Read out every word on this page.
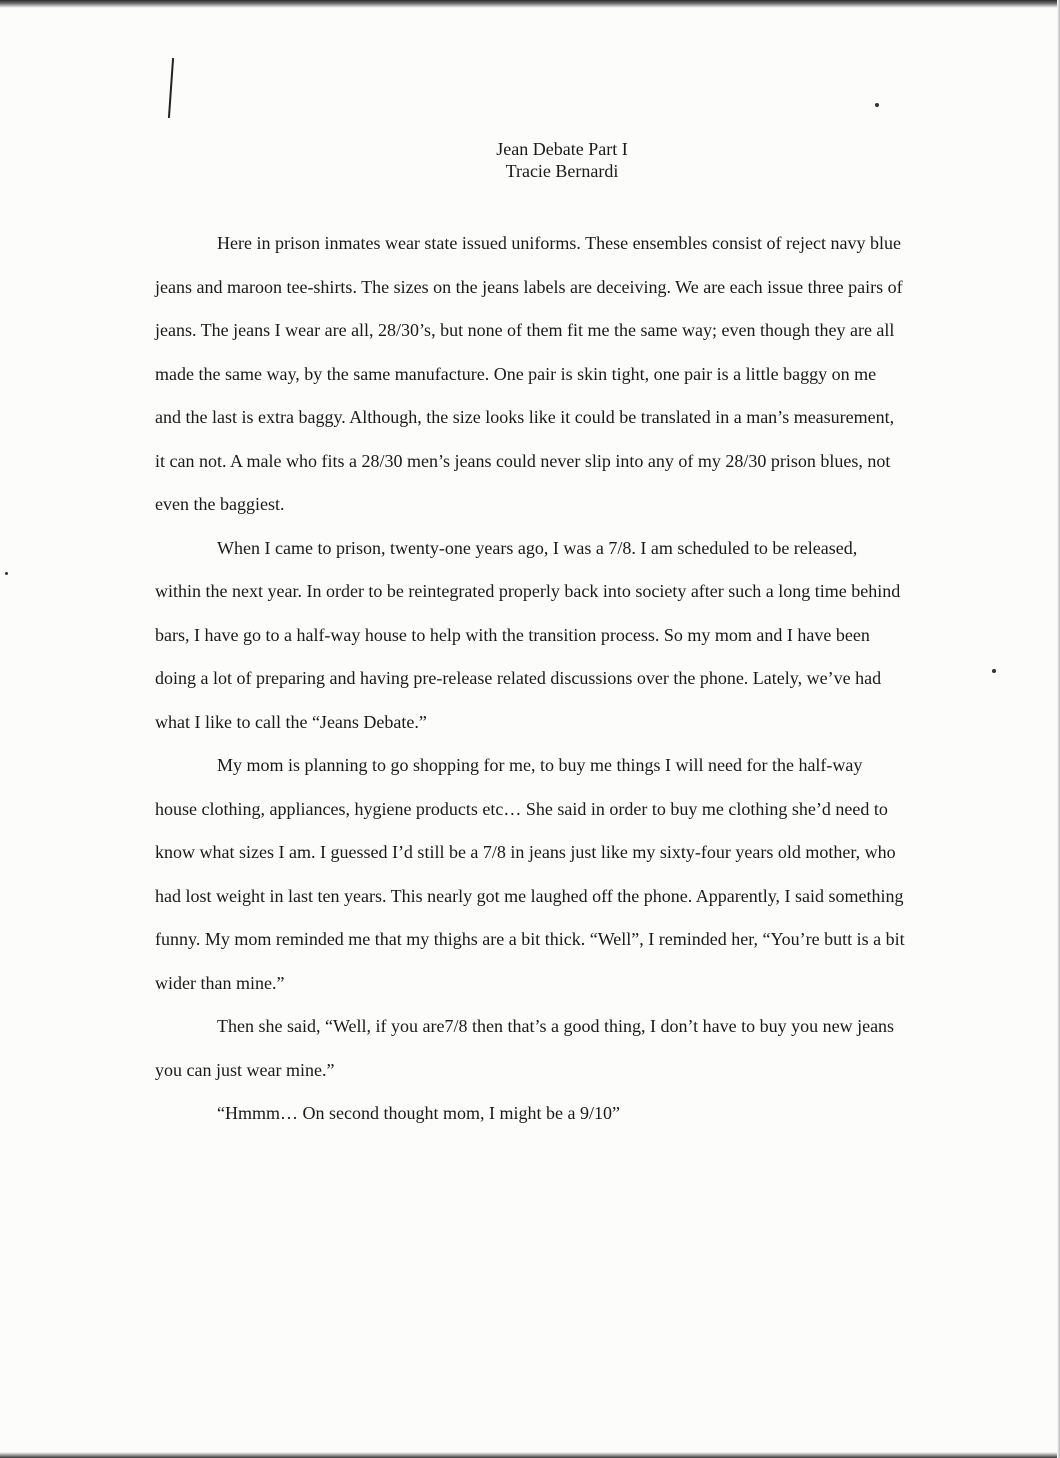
Jean Debate Part I
Tracie Bernardi

Here in prison inmates wear state issued uniforms. These ensembles consist of reject navy blue jeans and maroon tee-shirts. The sizes on the jeans labels are deceiving. We are each issue three pairs of jeans. The jeans I wear are all, 28/30’s, but none of them fit me the same way; even though they are all made the same way, by the same manufacture. One pair is skin tight, one pair is a little baggy on me and the last is extra baggy. Although, the size looks like it could be translated in a man’s measurement, it can not. A male who fits a 28/30 men’s jeans could never slip into any of my 28/30 prison blues, not even the baggiest.

When I came to prison, twenty-one years ago, I was a 7/8. I am scheduled to be released, within the next year. In order to be reintegrated properly back into society after such a long time behind bars, I have go to a half-way house to help with the transition process. So my mom and I have been doing a lot of preparing and having pre-release related discussions over the phone. Lately, we’ve had what I like to call the “Jeans Debate.”

My mom is planning to go shopping for me, to buy me things I will need for the half-way house clothing, appliances, hygiene products etc… She said in order to buy me clothing she’d need to know what sizes I am. I guessed I’d still be a 7/8 in jeans just like my sixty-four years old mother, who had lost weight in last ten years. This nearly got me laughed off the phone. Apparently, I said something funny. My mom reminded me that my thighs are a bit thick. “Well”, I reminded her, “You’re butt is a bit wider than mine.”

Then she said, “Well, if you are7/8 then that’s a good thing, I don’t have to buy you new jeans you can just wear mine.”

“Hmmm… On second thought mom, I might be a 9/10”
